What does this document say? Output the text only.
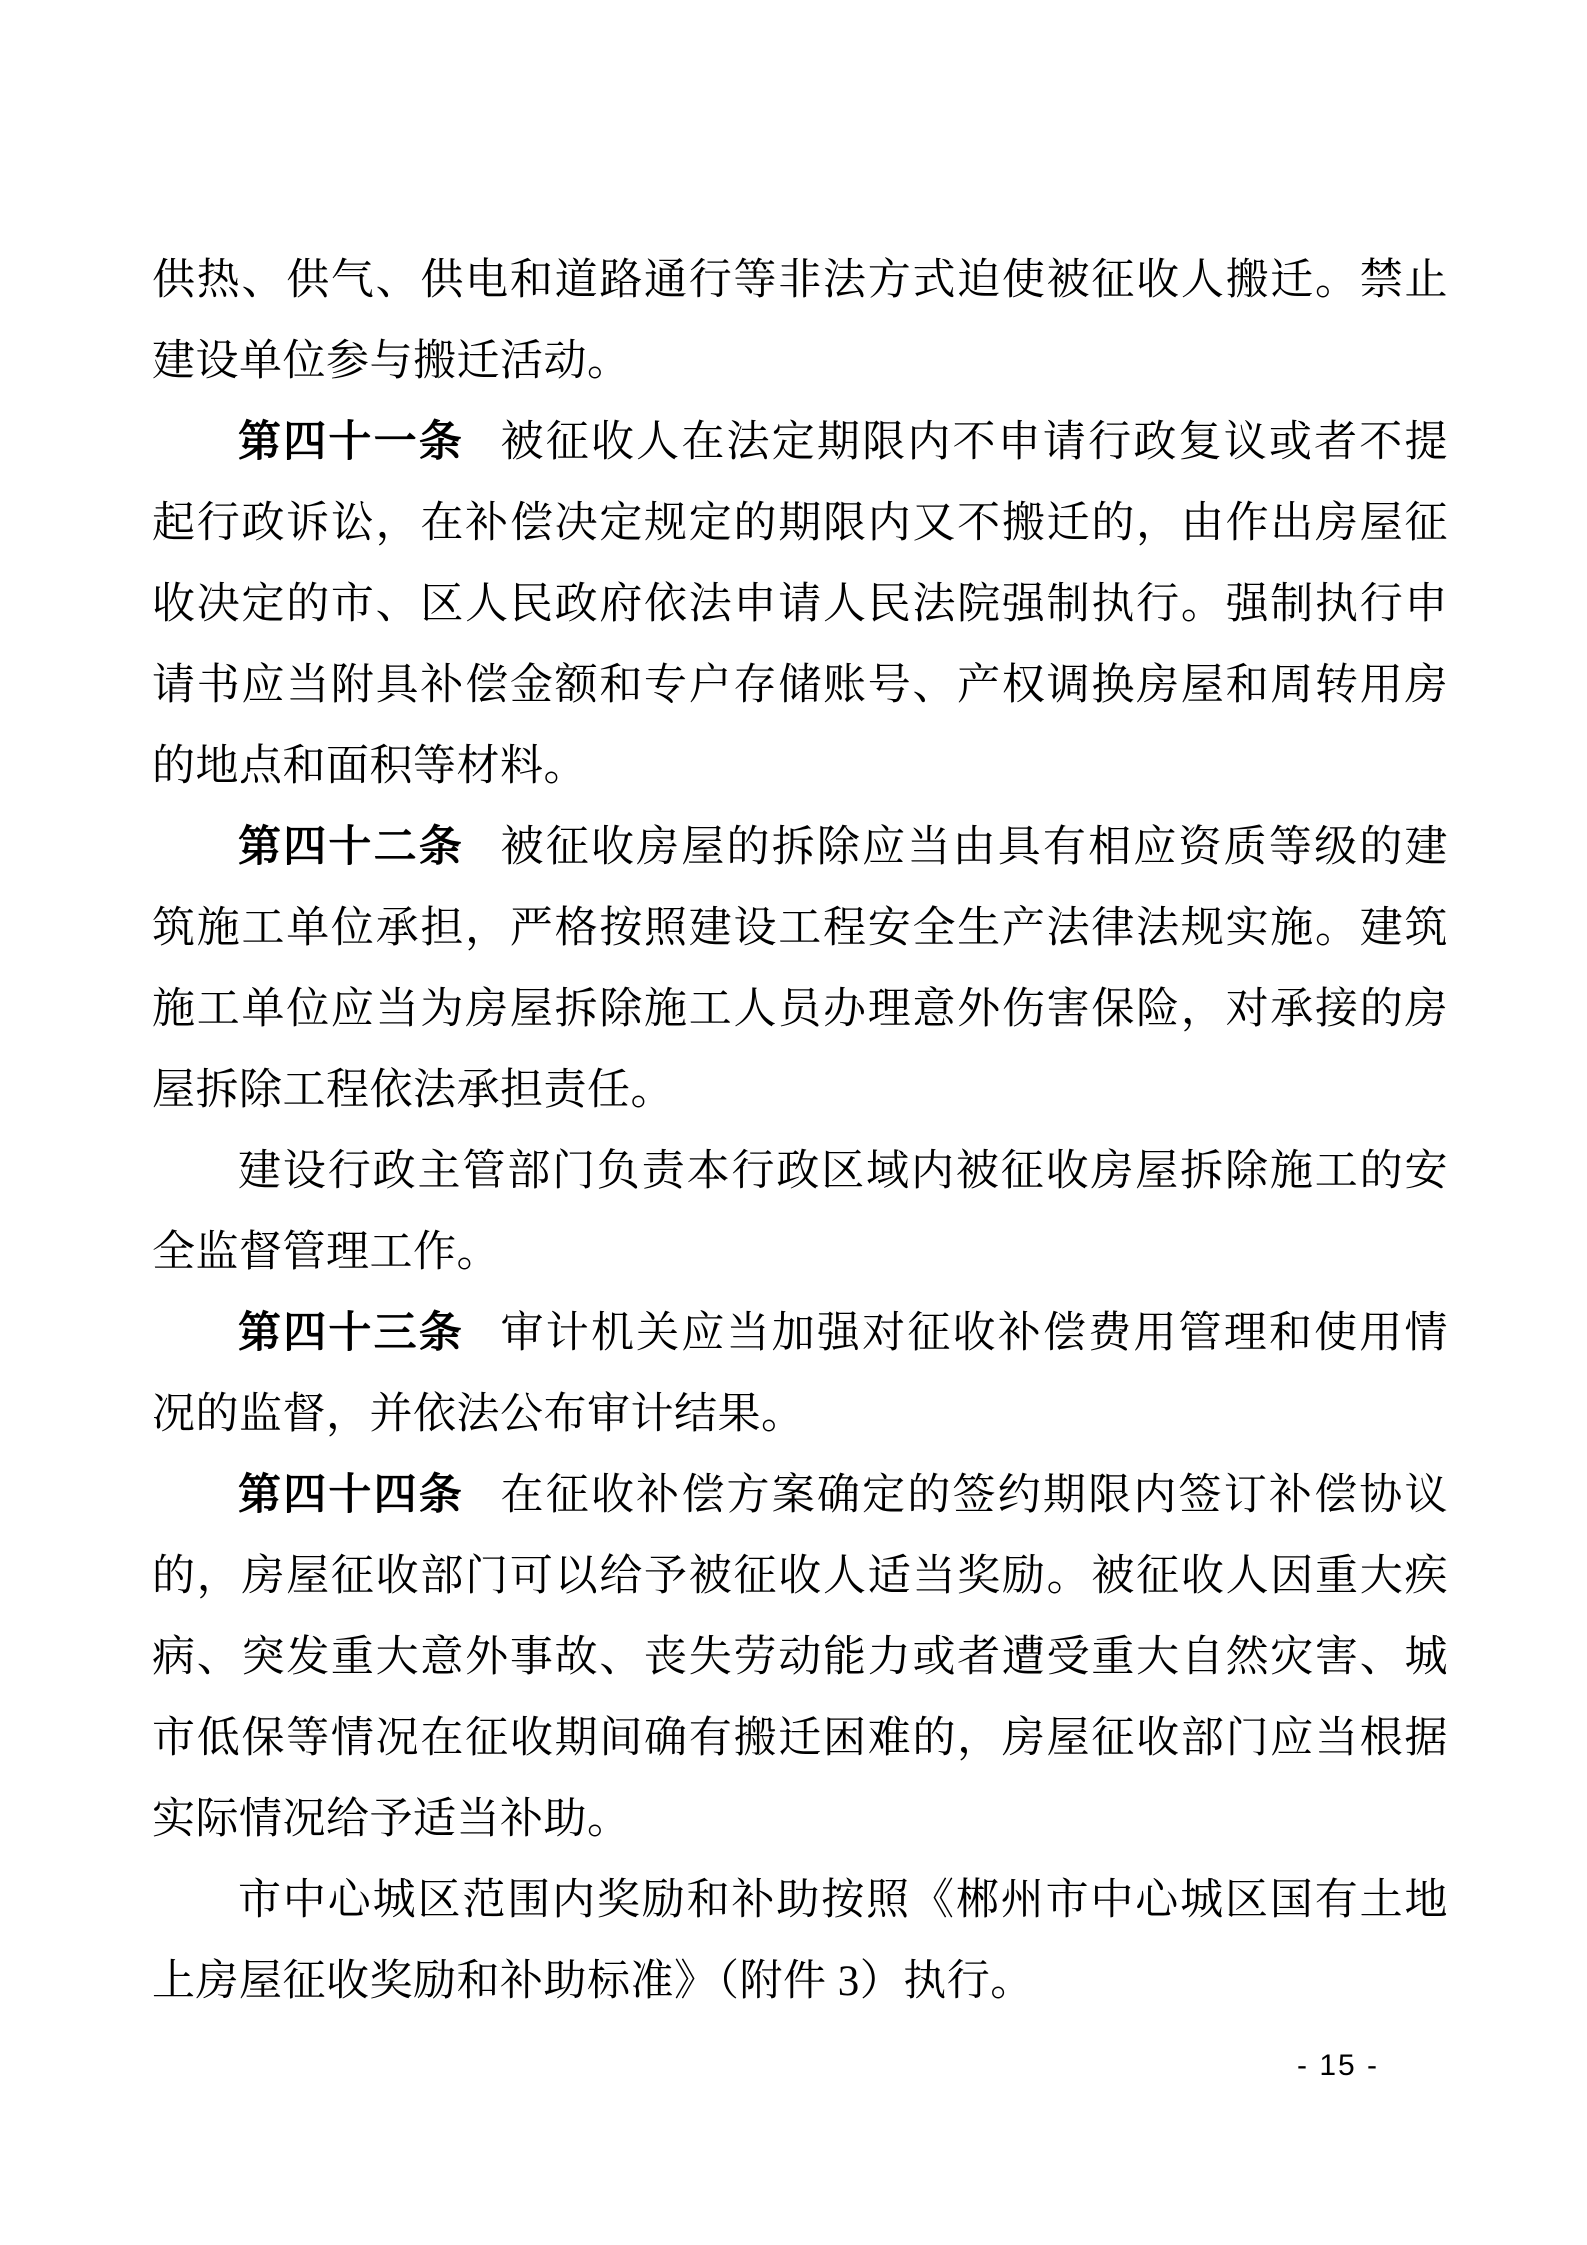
供热、供气、供电和道路通行等非法方式迫使被征收人搬迁。禁止建设单位参与搬迁活动。

第四十一条 被征收人在法定期限内不申请行政复议或者不提起行政诉讼，在补偿决定规定的期限内又不搬迁的，由作出房屋征收决定的市、区人民政府依法申请人民法院强制执行。强制执行申请书应当附具补偿金额和专户存储账号、产权调换房屋和周转用房的地点和面积等材料。

第四十二条 被征收房屋的拆除应当由具有相应资质等级的建筑施工单位承担，严格按照建设工程安全生产法律法规实施。建筑施工单位应当为房屋拆除施工人员办理意外伤害保险，对承接的房屋拆除工程依法承担责任。

建设行政主管部门负责本行政区域内被征收房屋拆除施工的安全监督管理工作。

第四十三条 审计机关应当加强对征收补偿费用管理和使用情况的监督，并依法公布审计结果。

第四十四条 在征收补偿方案确定的签约期限内签订补偿协议的，房屋征收部门可以给予被征收人适当奖励。被征收人因重大疾病、突发重大意外事故、丧失劳动能力或者遭受重大自然灾害、城市低保等情况在征收期间确有搬迁困难的，房屋征收部门应当根据实际情况给予适当补助。

市中心城区范围内奖励和补助按照《郴州市中心城区国有土地上房屋征收奖励和补助标准》（附件 3）执行。

- 15 -
